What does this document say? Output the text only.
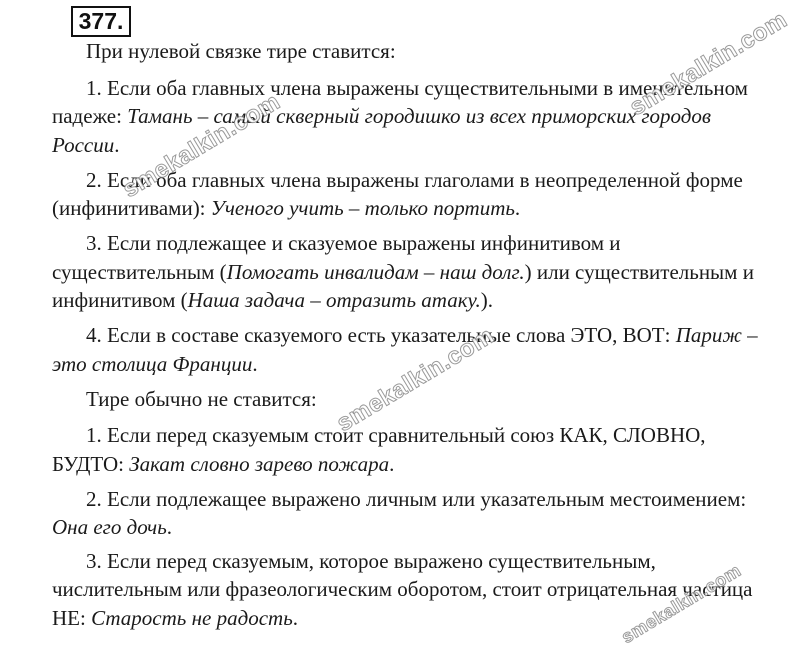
377.

При нулевой связке тире ставится:

1. Если оба главных члена выражены существительными в именительном падеже: Тамань – самый скверный городишко из всех приморских городов России.

2. Если оба главных члена выражены глаголами в неопределенной форме (инфинитивами): Ученого учить – только портить.

3. Если подлежащее и сказуемое выражены инфинитивом и существительным (Помогать инвалидам – наш долг.) или существительным и инфинитивом (Наша задача – отразить атаку.).

4. Если в составе сказуемого есть указательные слова ЭТО, ВОТ: Париж – это столица Франции.

Тире обычно не ставится:

1. Если перед сказуемым стоит сравнительный союз КАК, СЛОВНО, БУДТО: Закат словно зарево пожара.

2. Если подлежащее выражено личным или указательным местоимением: Она его дочь.

3. Если перед сказуемым, которое выражено существительным, числительным или фразеологическим оборотом, стоит отрицательная частица НЕ: Старость не радость.

smekalkin.com
smekalkin.com
smekalkin.com
smekalkin.com
